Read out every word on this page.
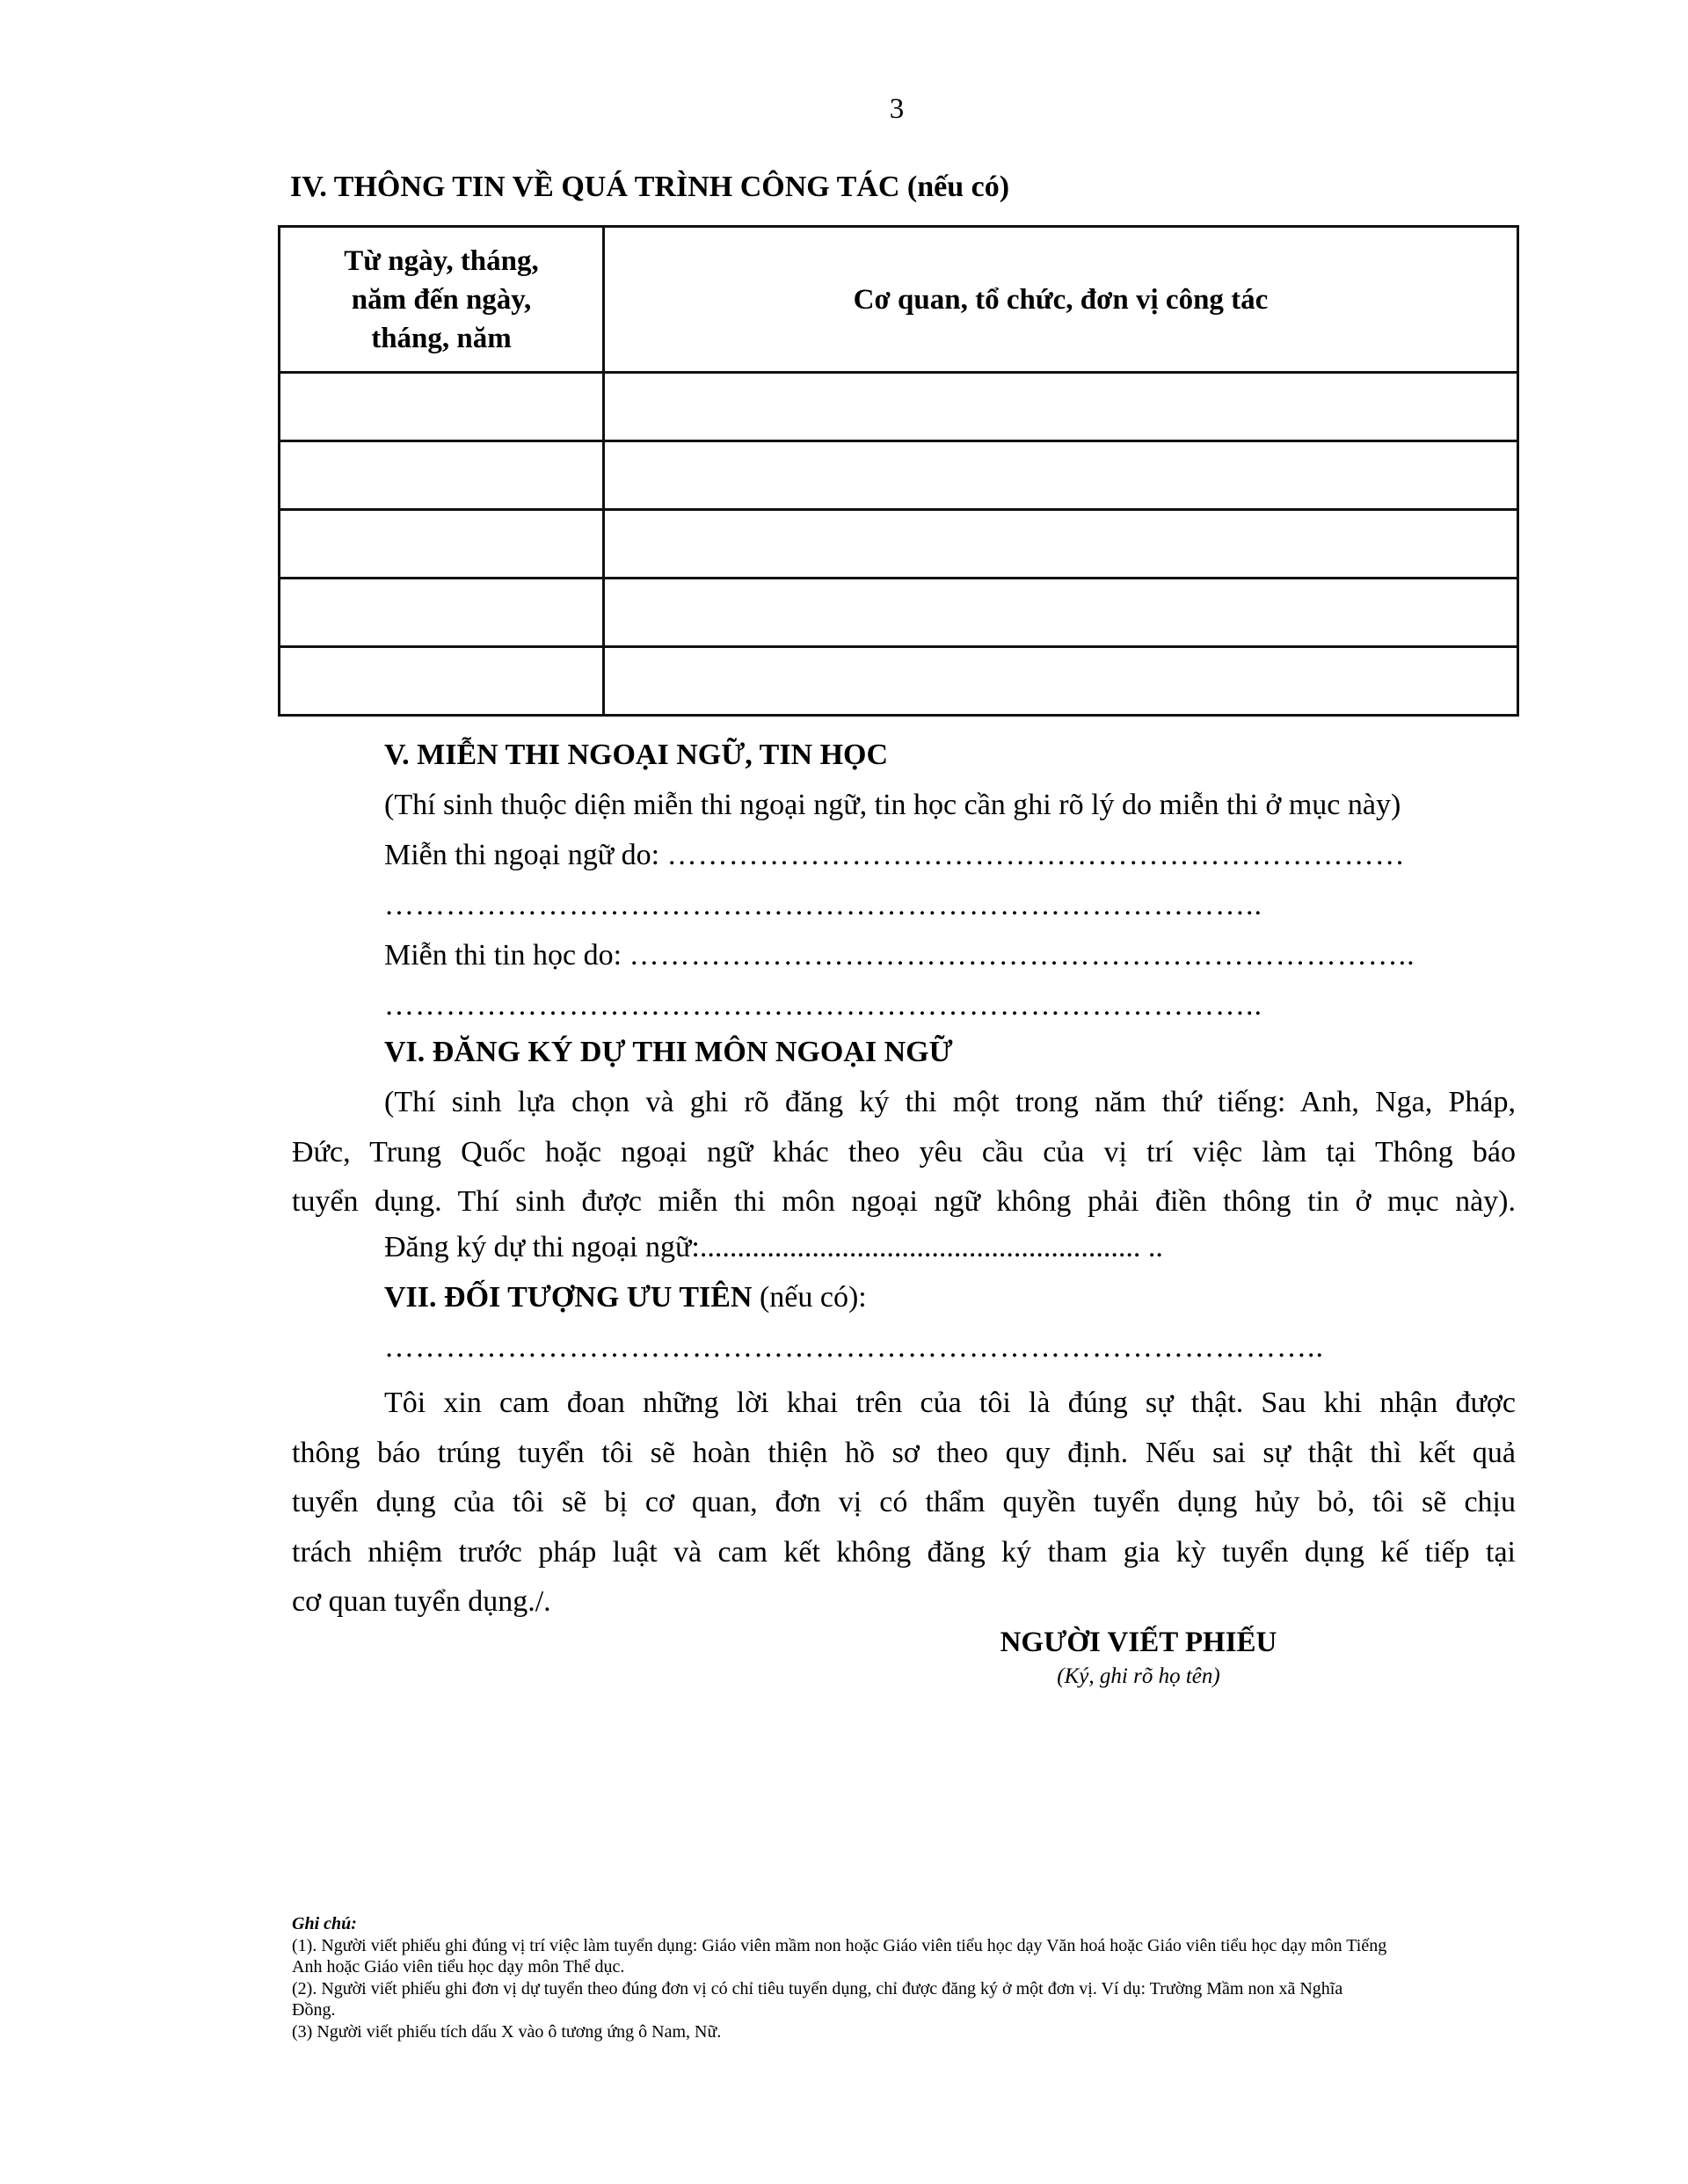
3
IV. THÔNG TIN VỀ QUÁ TRÌNH CÔNG TÁC (nếu có)
Từ ngày, tháng,
năm đến ngày,
tháng, năm	Cơ quan, tổ chức, đơn vị công tác

V. MIỄN THI NGOẠI NGỮ, TIN HỌC
(Thí sinh thuộc diện miễn thi ngoại ngữ, tin học cần ghi rõ lý do miễn thi ở mục này)
Miễn thi ngoại ngữ do: ………………………………………………………………
…………………………………………………………………………..
Miễn thi tin học do: …………………………………………………………………..
…………………………………………………………………………..
VI. ĐĂNG KÝ DỰ THI MÔN NGOẠI NGỮ
(Thí sinh lựa chọn và ghi rõ đăng ký thi một trong năm thứ tiếng: Anh, Nga, Pháp,
Đức, Trung Quốc hoặc ngoại ngữ khác theo yêu cầu của vị trí việc làm tại Thông báo
tuyển dụng. Thí sinh được miễn thi môn ngoại ngữ không phải điền thông tin ở mục này).
Đăng ký dự thi ngoại ngữ:........................................................... ..
VII. ĐỐI TƯỢNG ƯU TIÊN (nếu có):
………………………………………………………………………………..
Tôi xin cam đoan những lời khai trên của tôi là đúng sự thật. Sau khi nhận được
thông báo trúng tuyển tôi sẽ hoàn thiện hồ sơ theo quy định. Nếu sai sự thật thì kết quả
tuyển dụng của tôi sẽ bị cơ quan, đơn vị có thẩm quyền tuyển dụng hủy bỏ, tôi sẽ chịu
trách nhiệm trước pháp luật và cam kết không đăng ký tham gia kỳ tuyển dụng kế tiếp tại
cơ quan tuyển dụng./.
NGƯỜI VIẾT PHIẾU
(Ký, ghi rõ họ tên)
Ghi chú:
(1). Người viết phiếu ghi đúng vị trí việc làm tuyển dụng: Giáo viên mầm non hoặc Giáo viên tiểu học dạy Văn hoá hoặc Giáo viên tiểu học dạy môn Tiếng
Anh hoặc Giáo viên tiểu học dạy môn Thể dục.
(2). Người viết phiếu ghi đơn vị dự tuyển theo đúng đơn vị có chỉ tiêu tuyển dụng, chỉ được đăng ký ở một đơn vị. Ví dụ: Trường Mầm non xã Nghĩa
Đồng.
(3) Người viết phiếu tích dấu X vào ô tương ứng ô Nam, Nữ.
